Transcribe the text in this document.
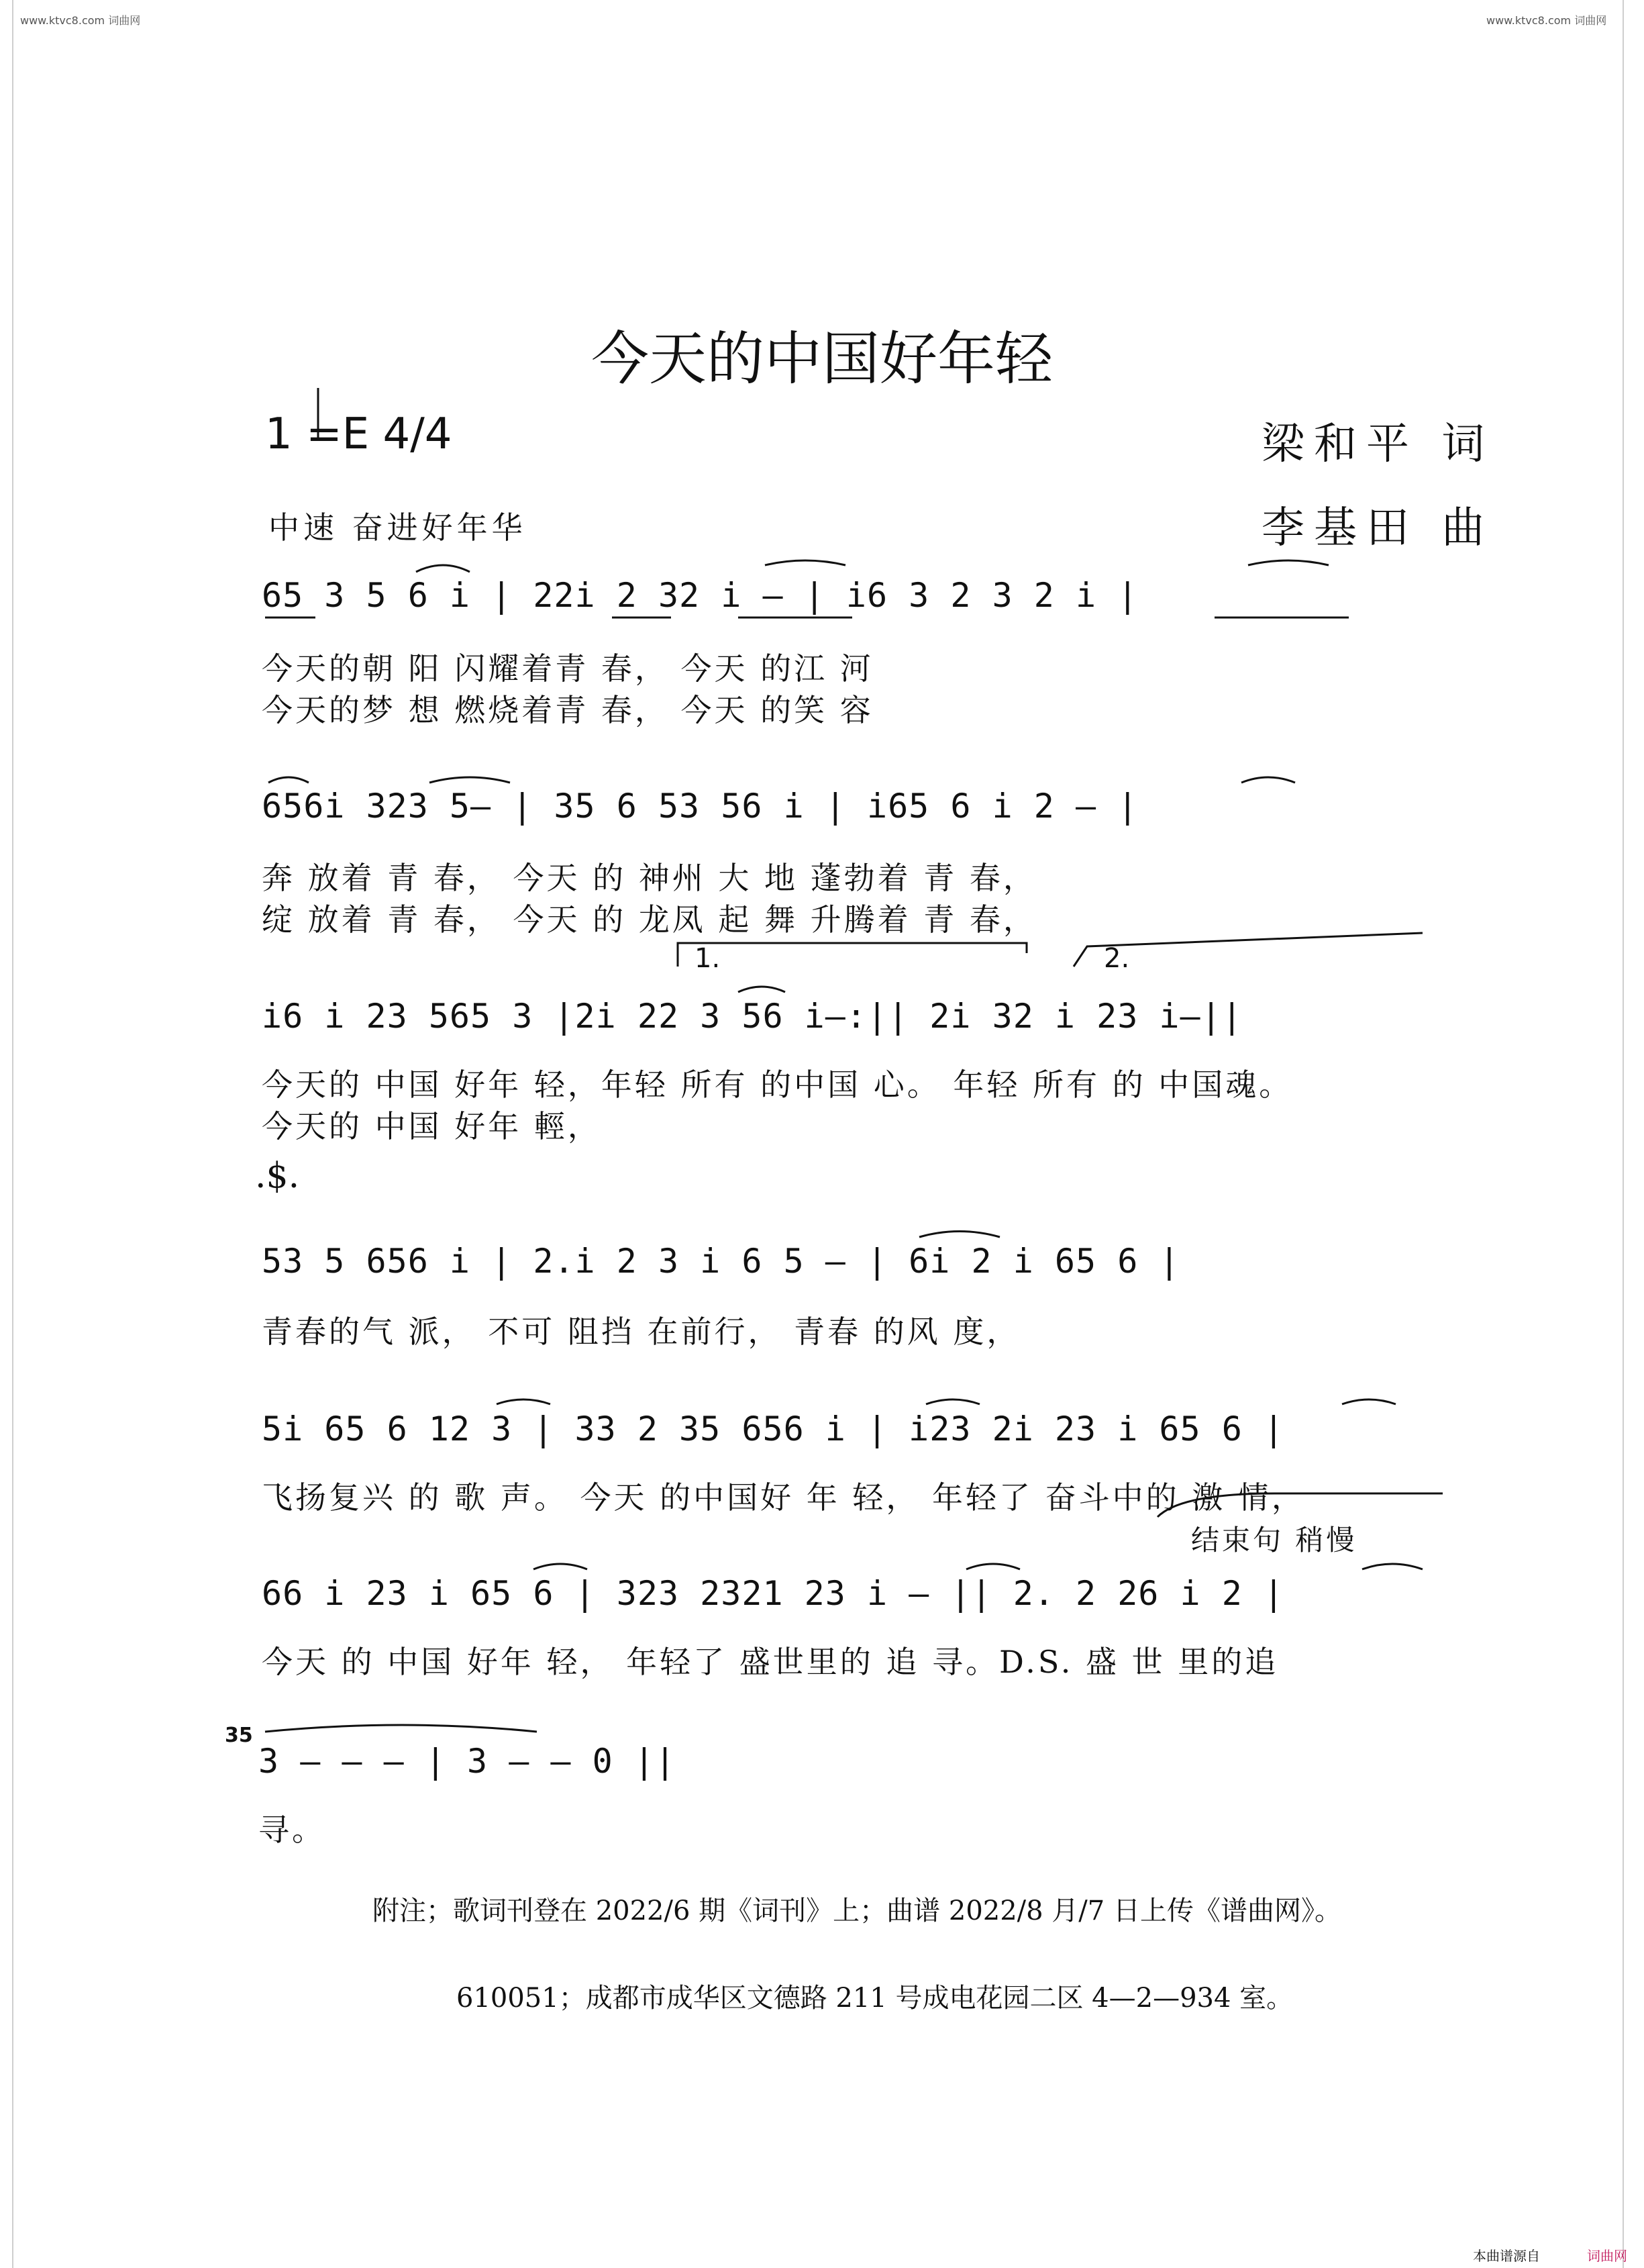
www.ktvc8.com 词曲网	www.ktvc8.com 词曲网
今天的中国好年轻
1 =E 4/4	梁和平 词
中速 奋进好年华	李基田 曲
65 3 5 6 i | 22i 2 32 i — | i6 3 2 3 2 i |
今天的朝 阳 闪耀着青 春， 今天 的江 河
今天的梦 想 燃烧着青 春， 今天 的笑 容
656i 323 5— | 35 6 53 56 i | i65 6 i 2 — |
奔 放着 青 春， 今天 的 神州 大 地 蓬勃着 青 春，
绽 放着 青 春， 今天 的 龙凤 起 舞 升腾着 青 春，
1.	2.
i6 i 23 565 3 |2i 22 3 56 i—:|| 2i 32 i 23 i—||
今天的 中国 好年 轻，年轻 所有 的中国 心。 年轻 所有 的 中国魂。
今天的 中国 好年 輕，
.$.
53 5 656 i | 2.i 2 3 i 6 5 — | 6i 2 i 65 6 |
青春的气 派， 不可 阻挡 在前行， 青春 的风 度，
5i 65 6 12 3 | 33 2 35 656 i | i23 2i 23 i 65 6 |
飞扬复兴 的 歌 声。 今天 的中国好 年 轻， 年轻了 奋斗中的 激 情，
结束句 稍慢
66 i 23 i 65 6 | 323 2321 23 i — || 2. 2 26 i 2 |
今天 的 中国 好年 轻， 年轻了 盛世里的 追 寻。D.S. 盛 世 里的追
35
3 — — — | 3 — — 0 ||
寻。
附注；歌词刊登在 2022/6 期《词刊》上；曲谱 2022/8 月/7 日上传《谱曲网》。
610051；成都市成华区文德路 211 号成电花园二区 4—2—934 室。
本曲谱源自	词曲网
